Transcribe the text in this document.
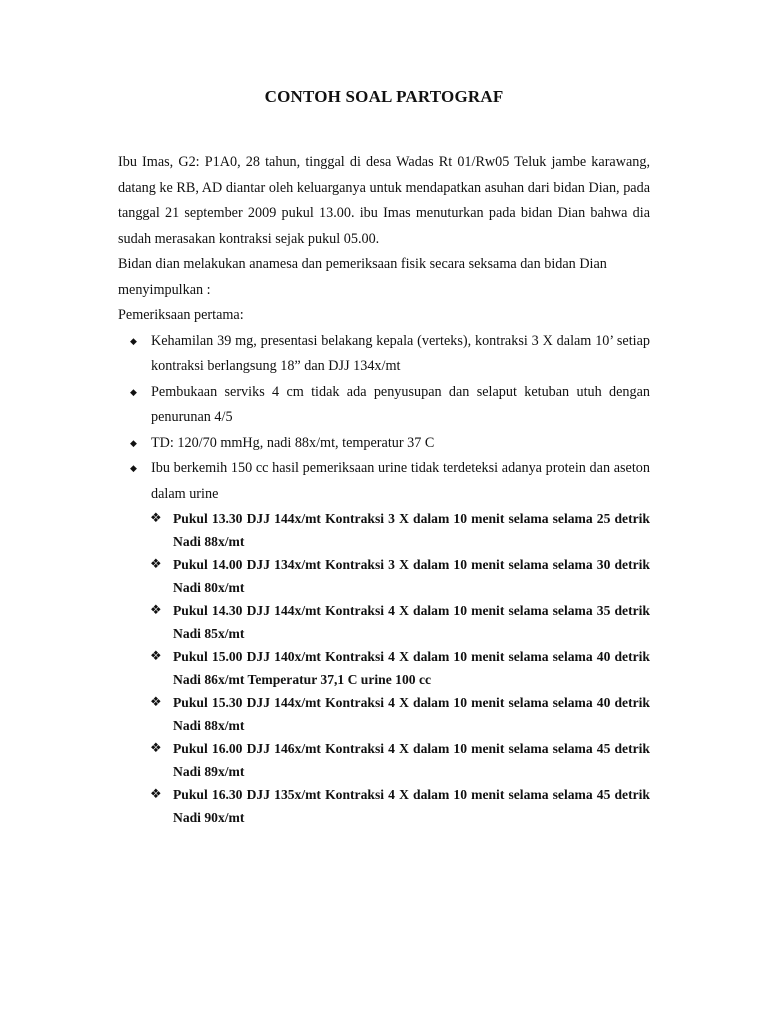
CONTOH SOAL PARTOGRAF

Ibu Imas, G2: P1A0, 28 tahun, tinggal di desa Wadas Rt 01/Rw05 Teluk jambe karawang, datang ke RB, AD diantar oleh keluarganya untuk mendapatkan asuhan dari bidan Dian, pada tanggal 21 september 2009 pukul 13.00. ibu Imas menuturkan pada bidan Dian bahwa dia sudah merasakan kontraksi sejak pukul 05.00.

Bidan dian melakukan anamesa dan pemeriksaan fisik secara seksama dan bidan Dian menyimpulkan :

Pemeriksaan pertama:

◆ Kehamilan 39 mg, presentasi belakang kepala (verteks), kontraksi 3 X dalam 10’ setiap kontraksi berlangsung 18” dan DJJ 134x/mt
◆ Pembukaan serviks 4 cm tidak ada penyusupan dan selaput ketuban utuh dengan penurunan 4/5
◆ TD: 120/70 mmHg, nadi 88x/mt, temperatur 37 C
◆ Ibu berkemih 150 cc hasil pemeriksaan urine tidak terdeteksi adanya protein dan aseton dalam urine
❖ Pukul 13.30 DJJ 144x/mt Kontraksi 3 X dalam 10 menit selama selama 25 detrik Nadi 88x/mt
❖ Pukul 14.00 DJJ 134x/mt Kontraksi 3 X dalam 10 menit selama selama 30 detrik Nadi 80x/mt
❖ Pukul 14.30 DJJ 144x/mt Kontraksi 4 X dalam 10 menit selama selama 35 detrik Nadi 85x/mt
❖ Pukul 15.00 DJJ 140x/mt Kontraksi 4 X dalam 10 menit selama selama 40 detrik Nadi 86x/mt Temperatur 37,1 C urine 100 cc
❖ Pukul 15.30 DJJ 144x/mt Kontraksi 4 X dalam 10 menit selama selama 40 detrik Nadi 88x/mt
❖ Pukul 16.00 DJJ 146x/mt Kontraksi 4 X dalam 10 menit selama selama 45 detrik Nadi 89x/mt
❖ Pukul 16.30 DJJ 135x/mt Kontraksi 4 X dalam 10 menit selama selama 45 detrik Nadi 90x/mt
